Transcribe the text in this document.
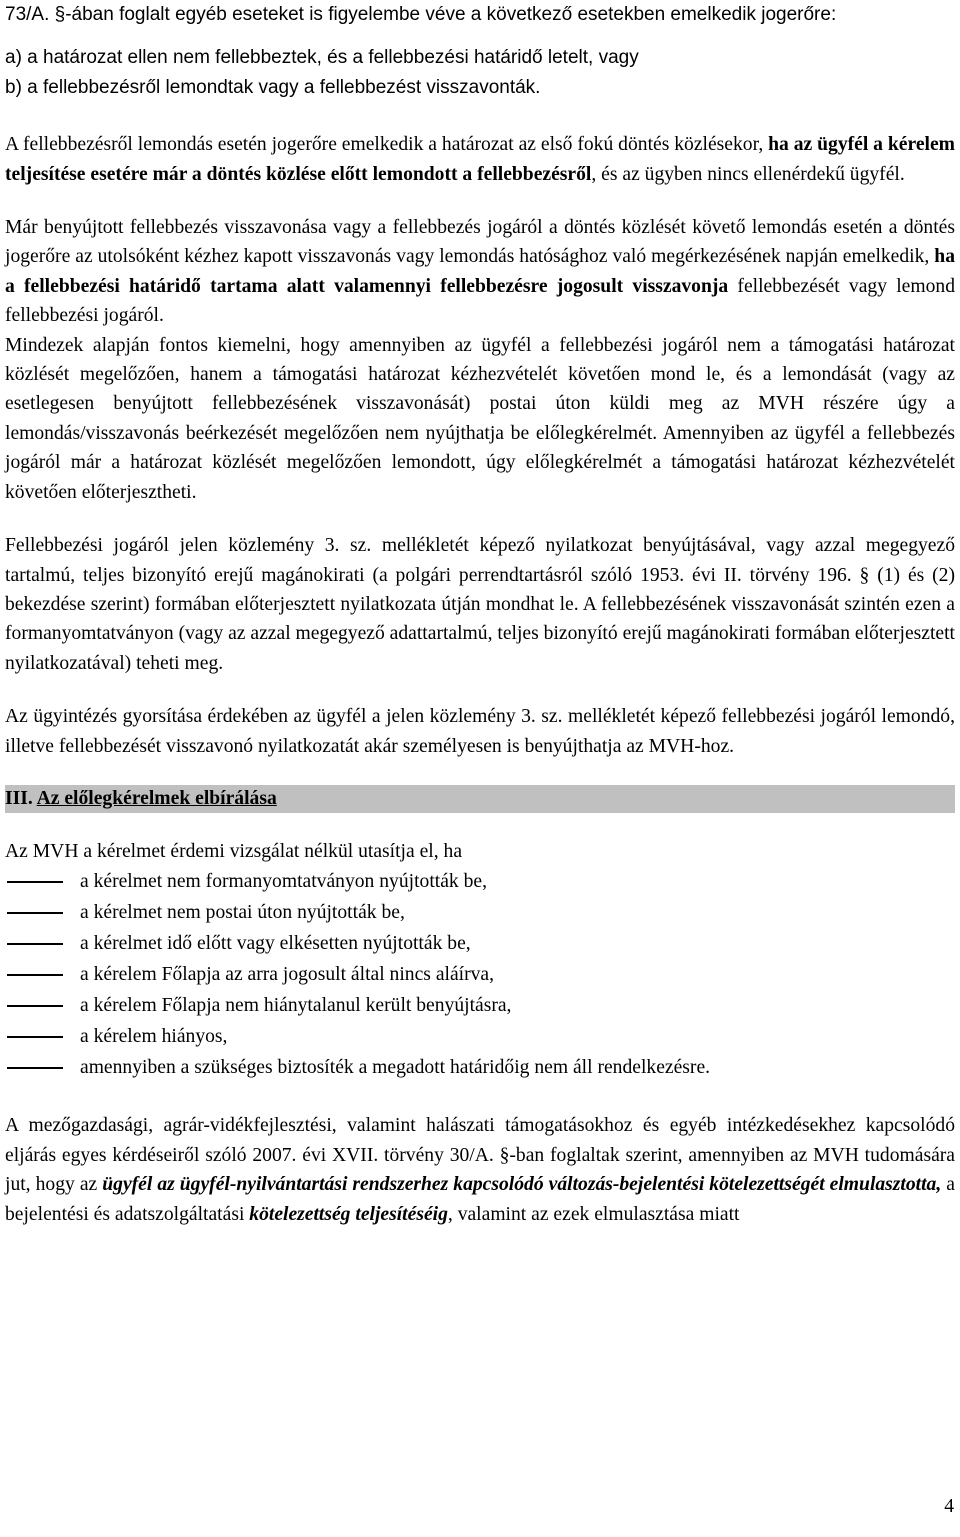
73/A. §-ában foglalt egyéb eseteket is figyelembe véve a következő esetekben emelkedik jogerőre:

a) a határozat ellen nem fellebbeztek, és a fellebbezési határidő letelt, vagy

b) a fellebbezésről lemondtak vagy a fellebbezést visszavonták.

A fellebbezésről lemondás esetén jogerőre emelkedik a határozat az első fokú döntés közlésekor, ha az ügyfél a kérelem teljesítése esetére már a döntés közlése előtt lemondott a fellebbezésről, és az ügyben nincs ellenérdekű ügyfél.

Már benyújtott fellebbezés visszavonása vagy a fellebbezés jogáról a döntés közlését követő lemondás esetén a döntés jogerőre az utolsóként kézhez kapott visszavonás vagy lemondás hatósághoz való megérkezésének napján emelkedik, ha a fellebbezési határidő tartama alatt valamennyi fellebbezésre jogosult visszavonja fellebbezését vagy lemond fellebbezési jogáról.

Mindezek alapján fontos kiemelni, hogy amennyiben az ügyfél a fellebbezési jogáról nem a támogatási határozat közlését megelőzően, hanem a támogatási határozat kézhezvételét követően mond le, és a lemondását (vagy az esetlegesen benyújtott fellebbezésének visszavonását) postai úton küldi meg az MVH részére úgy a lemondás/visszavonás beérkezését megelőzően nem nyújthatja be előlegkérelmét. Amennyiben az ügyfél a fellebbezés jogáról már a határozat közlését megelőzően lemondott, úgy előlegkérelmét a támogatási határozat kézhezvételét követően előterjesztheti.

Fellebbezési jogáról jelen közlemény 3. sz. mellékletét képező nyilatkozat benyújtásával, vagy azzal megegyező tartalmú, teljes bizonyító erejű magánokirati (a polgári perrendtartásról szóló 1953. évi II. törvény 196. § (1) és (2) bekezdése szerint) formában előterjesztett nyilatkozata útján mondhat le. A fellebbezésének visszavonását szintén ezen a formanyomtatványon (vagy az azzal megegyező adattartalmú, teljes bizonyító erejű magánokirati formában előterjesztett nyilatkozatával) teheti meg.

Az ügyintézés gyorsítása érdekében az ügyfél a jelen közlemény 3. sz. mellékletét képező fellebbezési jogáról lemondó, illetve fellebbezését visszavonó nyilatkozatát akár személyesen is benyújthatja az MVH-hoz.

III. Az előlegkérelmek elbírálása

Az MVH a kérelmet érdemi vizsgálat nélkül utasítja el, ha

a kérelmet nem formanyomtatványon nyújtották be,
a kérelmet nem postai úton nyújtották be,
a kérelmet idő előtt vagy elkésetten nyújtották be,
a kérelem Főlapja az arra jogosult által nincs aláírva,
a kérelem Főlapja nem hiánytalanul került benyújtásra,
a kérelem hiányos,
amennyiben a szükséges biztosíték a megadott határidőig nem áll rendelkezésre.

A mezőgazdasági, agrár-vidékfejlesztési, valamint halászati támogatásokhoz és egyéb intézkedésekhez kapcsolódó eljárás egyes kérdéseiről szóló 2007. évi XVII. törvény 30/A. §-ban foglaltak szerint, amennyiben az MVH tudomására jut, hogy az ügyfél az ügyfél-nyilvántartási rendszerhez kapcsolódó változás-bejelentési kötelezettségét elmulasztotta, a bejelentési és adatszolgáltatási kötelezettség teljesítéséig, valamint az ezek elmulasztása miatt

4
